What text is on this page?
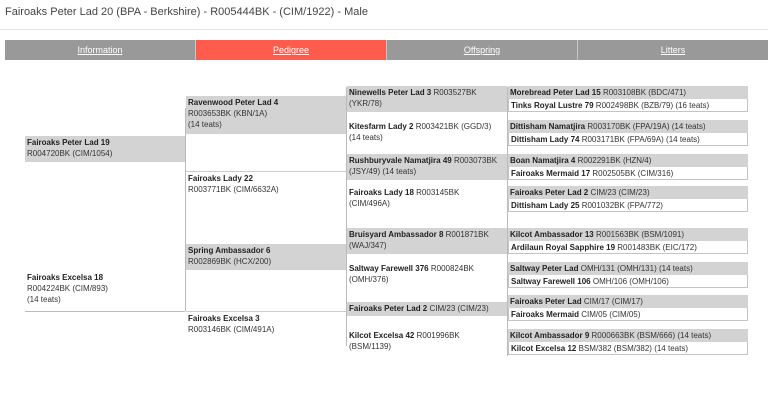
Fairoaks Peter Lad 20 (BPA - Berkshire) - R005444BK - (CIM/1922) - Male
Information	Pedigree	Offspring	Litters
Fairoaks Peter Lad 19
R004720BK (CIM/1054)
Fairoaks Excelsa 18
R004224BK (CIM/893)
(14 teats)
Ravenwood Peter Lad 4
R003653BK (KBN/1A)
(14 teats)
Fairoaks Lady 22
R003771BK (CIM/6632A)
Spring Ambassador 6
R002869BK (HCX/200)
Fairoaks Excelsa 3
R003146BK (CIM/491A)
Ninewells Peter Lad 3 R003527BK
(YKR/78)
Kitesfarm Lady 2 R003421BK (GGD/3)
(14 teats)
Rushburyvale Namatjira 49 R003073BK
(JSY/49) (14 teats)
Fairoaks Lady 18 R003145BK
(CIM/496A)
Bruisyard Ambassador 8 R001871BK
(WAJ/347)
Saltway Farewell 376 R000824BK
(OMH/376)
Fairoaks Peter Lad 2 CIM/23 (CIM/23)
Kilcot Excelsa 42 R001996BK
(BSM/1139)
Morebread Peter Lad 15 R003108BK (BDC/471)
Tinks Royal Lustre 79 R002498BK (BZB/79) (16 teats)
Dittisham Namatjira R003170BK (FPA/19A) (14 teats)
Dittisham Lady 74 R003171BK (FPA/69A) (14 teats)
Boan Namatjira 4 R002291BK (HZN/4)
Fairoaks Mermaid 17 R002505BK (CIM/316)
Fairoaks Peter Lad 2 CIM/23 (CIM/23)
Dittisham Lady 25 R001032BK (FPA/772)
Kilcot Ambassador 13 R001563BK (BSM/1091)
Ardilaun Royal Sapphire 19 R001483BK (EIC/172)
Saltway Peter Lad OMH/131 (OMH/131) (14 teats)
Saltway Farewell 106 OMH/106 (OMH/106)
Fairoaks Peter Lad CIM/17 (CIM/17)
Fairoaks Mermaid CIM/05 (CIM/05)
Kilcot Ambassador 9 R000663BK (BSM/666) (14 teats)
Kilcot Excelsa 12 BSM/382 (BSM/382) (14 teats)
